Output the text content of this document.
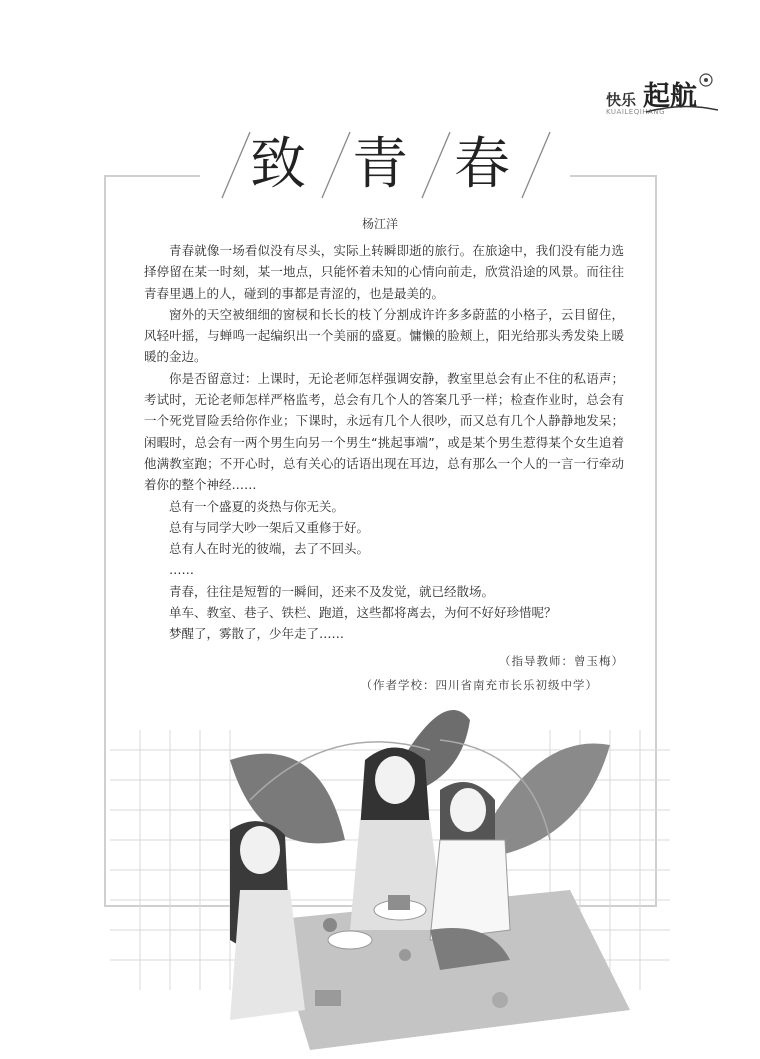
快乐 起航
KUAILEQIHANG
致 青 春
杨江洋

青春就像一场看似没有尽头，实际上转瞬即逝的旅行。在旅途中，我们没有能力选择停留在某一时刻，某一地点，只能怀着未知的心情向前走，欣赏沿途的风景。而往往青春里遇上的人，碰到的事都是青涩的，也是最美的。

窗外的天空被细细的窗棂和长长的枝丫分割成许许多多蔚蓝的小格子，云目留住，风轻叶摇，与蝉鸣一起编织出一个美丽的盛夏。慵懒的脸颊上，阳光给那头秀发染上暖暖的金边。

你是否留意过：上课时，无论老师怎样强调安静，教室里总会有止不住的私语声；考试时，无论老师怎样严格监考，总会有几个人的答案几乎一样；检查作业时，总会有一个死党冒险丢给你作业；下课时，永远有几个人很吵，而又总有几个人静静地发呆；闲暇时，总会有一两个男生向另一个男生“挑起事端”，或是某个男生惹得某个女生追着他满教室跑；不开心时，总有关心的话语出现在耳边，总有那么一个人的一言一行牵动着你的整个神经……

总有一个盛夏的炎热与你无关。

总有与同学大吵一架后又重修于好。

总有人在时光的彼端，去了不回头。

……

青春，往往是短暂的一瞬间，还来不及发觉，就已经散场。

单车、教室、巷子、铁栏、跑道，这些都将离去，为何不好好珍惜呢？

梦醒了，雾散了，少年走了……

（指导教师：曾玉梅）
（作者学校：四川省南充市长乐初级中学）
